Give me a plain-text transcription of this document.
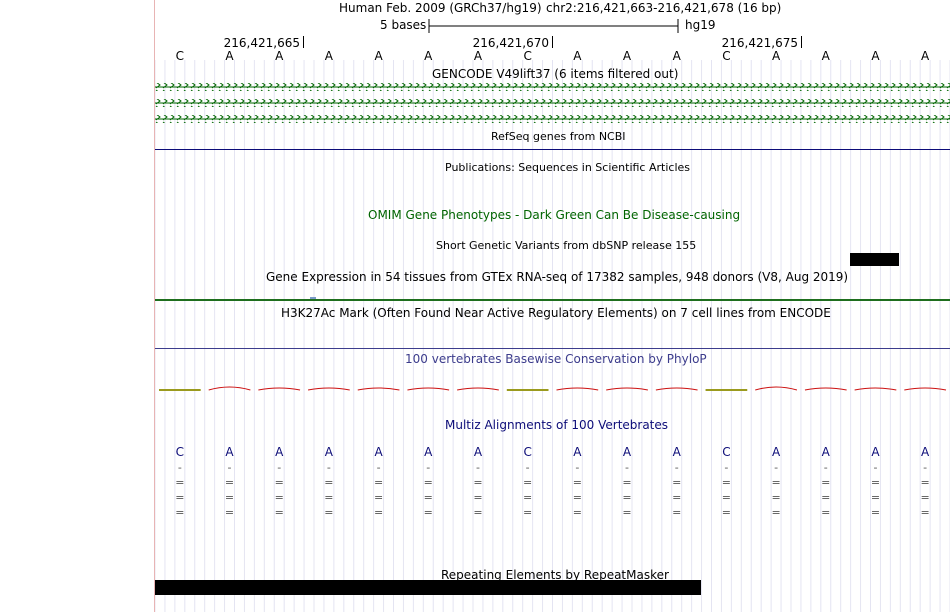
Human Feb. 2009 (GRCh37/hg19) chr2:216,421,663-216,421,678 (16 bp)
5 bases	hg19
216,421,665	216,421,670	216,421,675
C	A	A	A	A	A	A	C	A	A	A	C	A	A	A	A
GENCODE V49lift37 (6 items filtered out)
RefSeq genes from NCBI
Publications: Sequences in Scientific Articles
OMIM Gene Phenotypes - Dark Green Can Be Disease-causing
Short Genetic Variants from dbSNP release 155
Gene Expression in 54 tissues from GTEx RNA-seq of 17382 samples, 948 donors (V8, Aug 2019)
H3K27Ac Mark (Often Found Near Active Regulatory Elements) on 7 cell lines from ENCODE
100 vertebrates Basewise Conservation by PhyloP
Multiz Alignments of 100 Vertebrates
C	A	A	A	A	A	A	C	A	A	A	C	A	A	A	A
-	-	-	-	-	-	-	-	-	-	-	-	-	-	-	-
=	=	=	=	=	=	=	=	=	=	=	=	=	=	=	=
=	=	=	=	=	=	=	=	=	=	=	=	=	=	=	=
=	=	=	=	=	=	=	=	=	=	=	=	=	=	=	=
Repeating Elements by RepeatMasker
